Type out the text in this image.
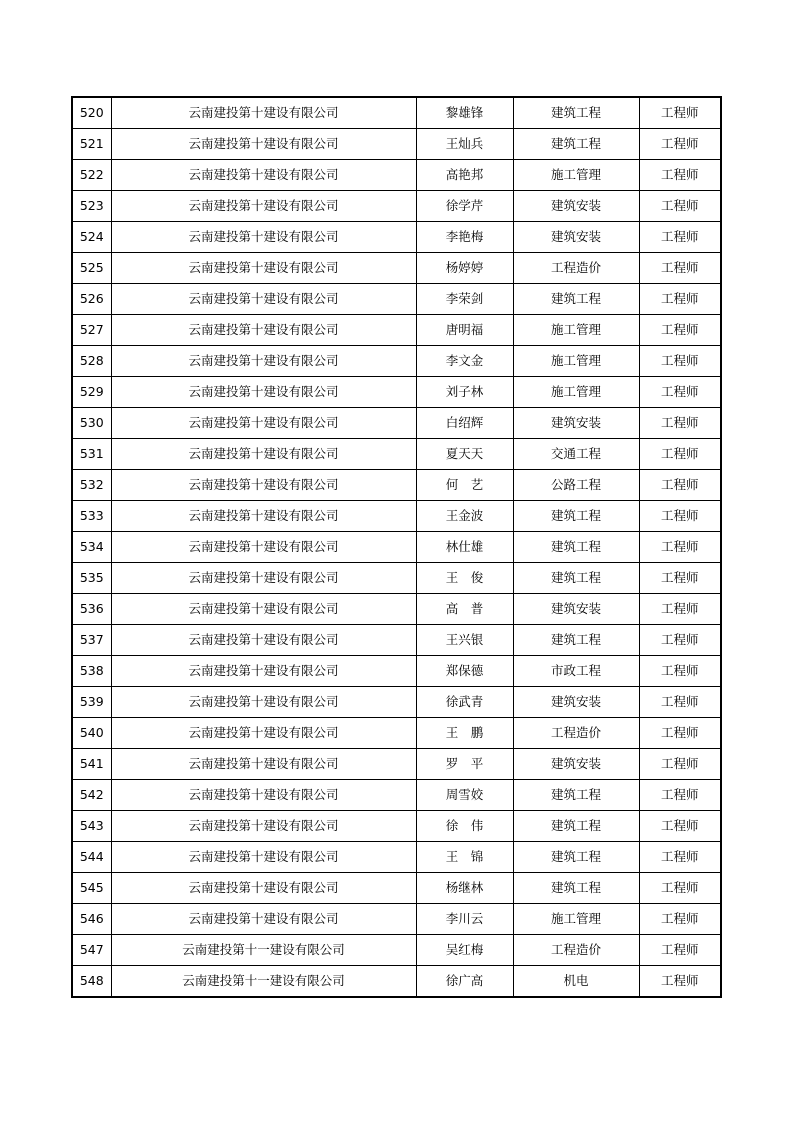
520	云南建投第十建设有限公司	黎雄锋	建筑工程	工程师
521	云南建投第十建设有限公司	王灿兵	建筑工程	工程师
522	云南建投第十建设有限公司	高艳邦	施工管理	工程师
523	云南建投第十建设有限公司	徐学芹	建筑安装	工程师
524	云南建投第十建设有限公司	李艳梅	建筑安装	工程师
525	云南建投第十建设有限公司	杨婷婷	工程造价	工程师
526	云南建投第十建设有限公司	李荣剑	建筑工程	工程师
527	云南建投第十建设有限公司	唐明福	施工管理	工程师
528	云南建投第十建设有限公司	李文金	施工管理	工程师
529	云南建投第十建设有限公司	刘子林	施工管理	工程师
530	云南建投第十建设有限公司	白绍辉	建筑安装	工程师
531	云南建投第十建设有限公司	夏天天	交通工程	工程师
532	云南建投第十建设有限公司	何　艺	公路工程	工程师
533	云南建投第十建设有限公司	王金波	建筑工程	工程师
534	云南建投第十建设有限公司	林仕雄	建筑工程	工程师
535	云南建投第十建设有限公司	王　俊	建筑工程	工程师
536	云南建投第十建设有限公司	高　普	建筑安装	工程师
537	云南建投第十建设有限公司	王兴银	建筑工程	工程师
538	云南建投第十建设有限公司	郑保德	市政工程	工程师
539	云南建投第十建设有限公司	徐武青	建筑安装	工程师
540	云南建投第十建设有限公司	王　鹏	工程造价	工程师
541	云南建投第十建设有限公司	罗　平	建筑安装	工程师
542	云南建投第十建设有限公司	周雪姣	建筑工程	工程师
543	云南建投第十建设有限公司	徐　伟	建筑工程	工程师
544	云南建投第十建设有限公司	王　锦	建筑工程	工程师
545	云南建投第十建设有限公司	杨继林	建筑工程	工程师
546	云南建投第十建设有限公司	李川云	施工管理	工程师
547	云南建投第十一建设有限公司	吴红梅	工程造价	工程师
548	云南建投第十一建设有限公司	徐广高	机电	工程师
